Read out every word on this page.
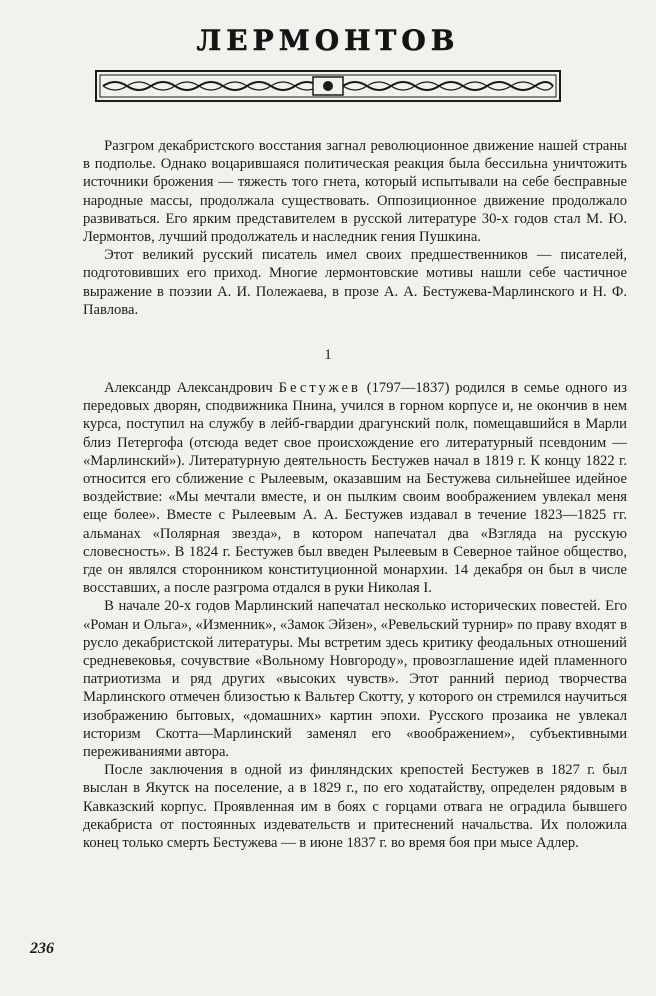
ЛЕРМОНТОВ

Разгром декабристского восстания загнал революционное движение нашей страны в подполье. Однако воцарившаяся политическая реакция была бессильна уничтожить источники брожения — тяжесть того гнета, который испытывали на себе бесправные народные массы, продолжала существовать. Оппозиционное движение продолжало развиваться. Его ярким представителем в русской литературе 30-х годов стал М. Ю. Лермонтов, лучший продолжатель и наследник гения Пушкина.

Этот великий русский писатель имел своих предшественников — писателей, подготовивших его приход. Многие лермонтовские мотивы нашли себе частичное выражение в поэзии А. И. Полежаева, в прозе А. А. Бестужева-Марлинского и Н. Ф. Павлова.

1

Александр Александрович Бестужев (1797—1837) родился в семье одного из передовых дворян, сподвижника Пнина, учился в горном корпусе и, не окончив в нем курса, поступил на службу в лейб-гвардии драгунский полк, помещавшийся в Марли близ Петергофа (отсюда ведет свое происхождение его литературный псевдоним — «Марлинский»). Литературную деятельность Бестужев начал в 1819 г. К концу 1822 г. относится его сближение с Рылеевым, оказавшим на Бестужева сильнейшее идейное воздействие: «Мы мечтали вместе, и он пылким своим воображением увлекал меня еще более». Вместе с Рылеевым А. А. Бестужев издавал в течение 1823—1825 гг. альманах «Полярная звезда», в котором напечатал два «Взгляда на русскую словесность». В 1824 г. Бестужев был введен Рылеевым в Северное тайное общество, где он являлся сторонником конституционной монархии. 14 декабря он был в числе восставших, а после разгрома отдался в руки Николая I.

В начале 20-х годов Марлинский напечатал несколько исторических повестей. Его «Роман и Ольга», «Изменник», «Замок Эйзен», «Ревельский турнир» по праву входят в русло декабристской литературы. Мы встретим здесь критику феодальных отношений средневековья, сочувствие «Вольному Новгороду», провозглашение идей пламенного патриотизма и ряд других «высоких чувств». Этот ранний период творчества Марлинского отмечен близостью к Вальтер Скотту, у которого он стремился научиться изображению бытовых, «домашних» картин эпохи. Русского прозаика не увлекал историзм Скотта—Марлинский заменял его «воображением», субъективными переживаниями автора.

После заключения в одной из финляндских крепостей Бестужев в 1827 г. был выслан в Якутск на поселение, а в 1829 г., по его ходатайству, определен рядовым в Кавказский корпус. Проявленная им в боях с горцами отвага не оградила бывшего декабриста от постоянных издевательств и притеснений начальства. Их положила конец только смерть Бестужева — в июне 1837 г. во время боя при мысе Адлер.

236
